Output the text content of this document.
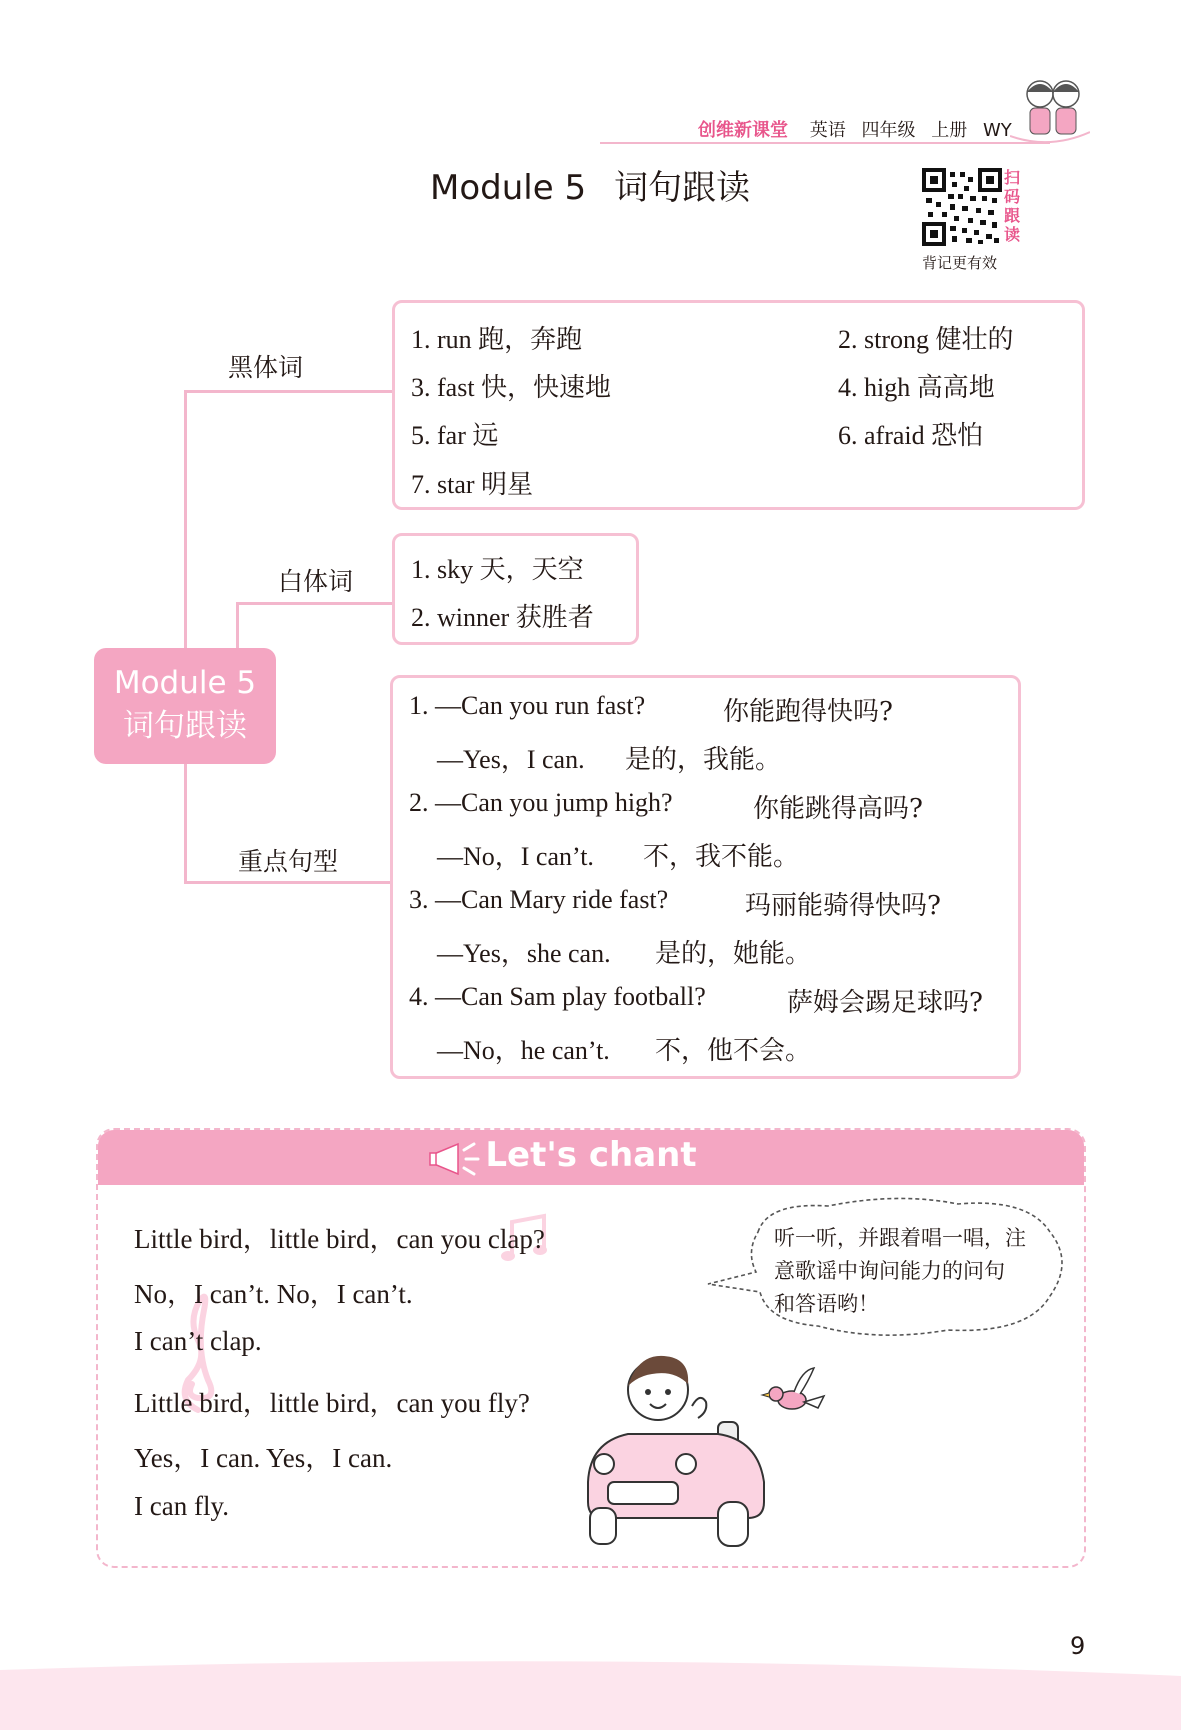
创维新课堂 英语 四年级 上册 WY
Module 5 词句跟读	扫
码
跟
读
背记更有效
黑体词
白体词
重点句型
Module 5
词句跟读
1. run 跑，奔跑	2. strong 健壮的
3. fast 快，快速地	4. high 高高地
5. far 远	6. afraid 恐怕
7. star 明星
1. sky 天，天空
2. winner 获胜者
1. —Can you run fast?	你能跑得快吗?
—Yes，I can. 是的，我能。
2. —Can you jump high?	你能跳得高吗?
—No，I can’t. 不，我不能。
3. —Can Mary ride fast?	玛丽能骑得快吗?
—Yes，she can. 是的，她能。
4. —Can Sam play football?	萨姆会踢足球吗?
—No，he can’t. 不，他不会。
Let's chant
Little bird，little bird，can you clap?
No，I can’t. No，I can’t.
I can’t clap.
Little bird，little bird，can you fly?
Yes，I can. Yes，I can.
I can fly.
听一听，并跟着唱一唱，注
意歌谣中询问能力的问句
和答语哟！
9
